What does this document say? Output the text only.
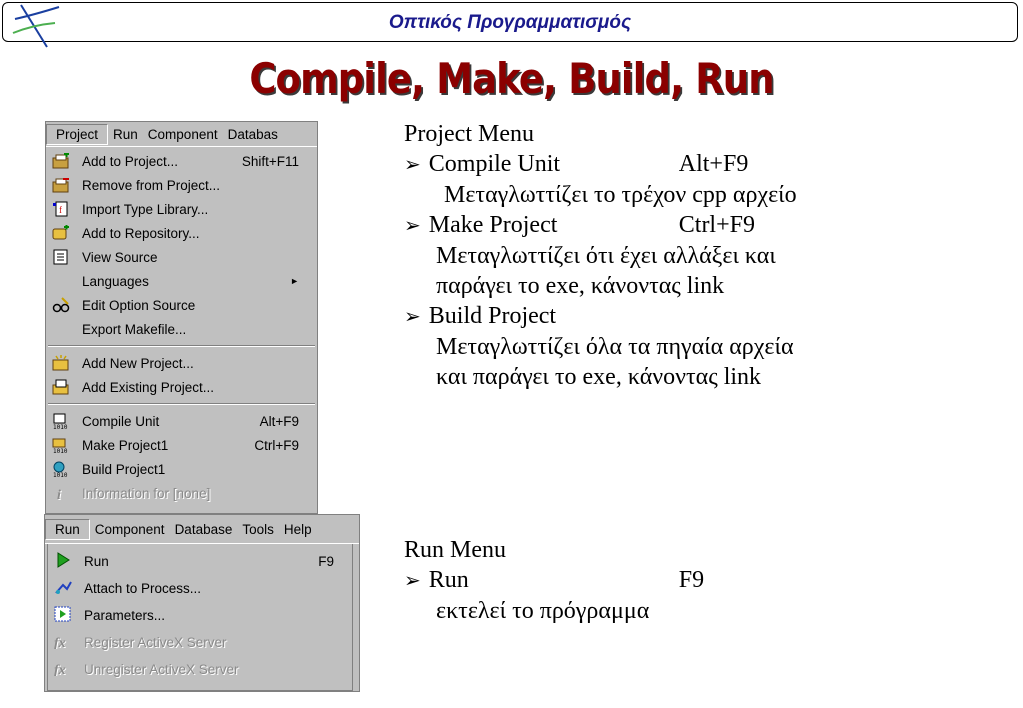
Οπτικός Προγραμματισμός
Compile, Make, Build, Run
Project	Run Component Databas
Add to Project...	Shift+F11
Remove from Project...
f Import Type Library...
Add to Repository...
View Source
Languages	►
Edit Option Source
Export Makefile...
Add New Project...
Add Existing Project...
1010 Compile Unit	Alt+F9
1010 Make Project1	Ctrl+F9
1010 Build Project1
i Information for [none]
Run	Component Database Tools Help
Run	F9
Attach to Process...
Parameters...
fx Register ActiveX Server
fx Unregister ActiveX Server
Project Menu
➢ Compile Unit	Alt+F9
Μεταγλωττίζει το τρέχον cpp αρχείο
➢ Make Project	Ctrl+F9
Μεταγλωττίζει ότι έχει αλλάξει και
παράγει το exe, κάνοντας link
➢ Build Project
Μεταγλωττίζει όλα τα πηγαία αρχεία
και παράγει το exe, κάνοντας link
Run Menu
➢ Run	F9
εκτελεί το πρόγραμμα
